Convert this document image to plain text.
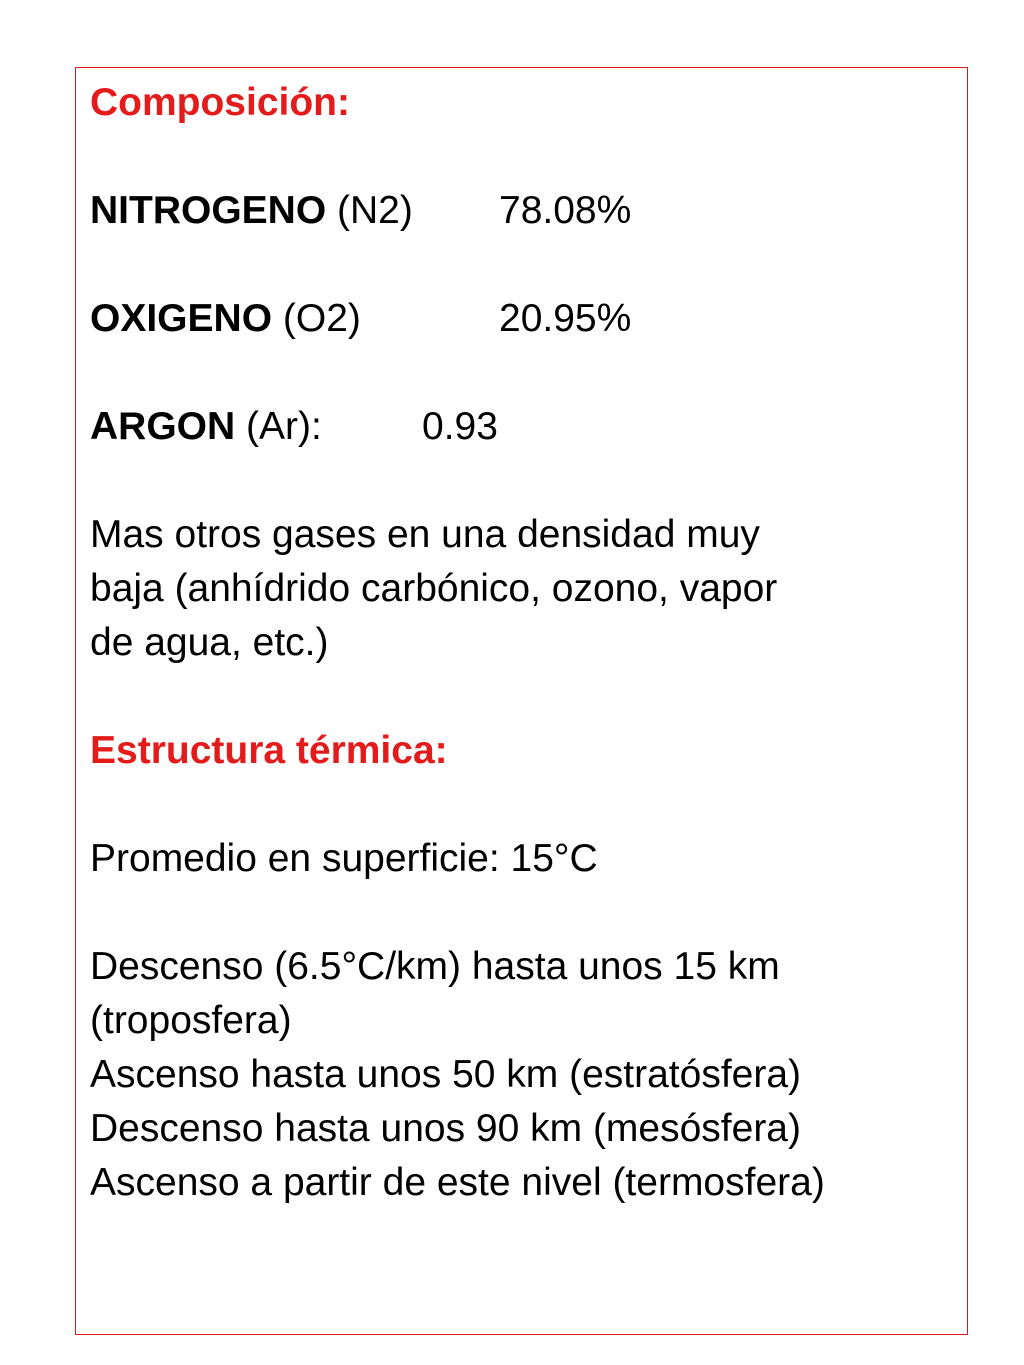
Composición:
NITROGENO (N2) 78.08%
OXIGENO (O2)	20.95%
ARGON (Ar):	0.93
Mas otros gases en una densidad muy
baja (anhídrido carbónico, ozono, vapor
de agua, etc.)
Estructura térmica:
Promedio en superficie: 15°C
Descenso (6.5°C/km) hasta unos 15 km
(troposfera)
Ascenso hasta unos 50 km (estratósfera)
Descenso hasta unos 90 km (mesósfera)
Ascenso a partir de este nivel (termosfera)
